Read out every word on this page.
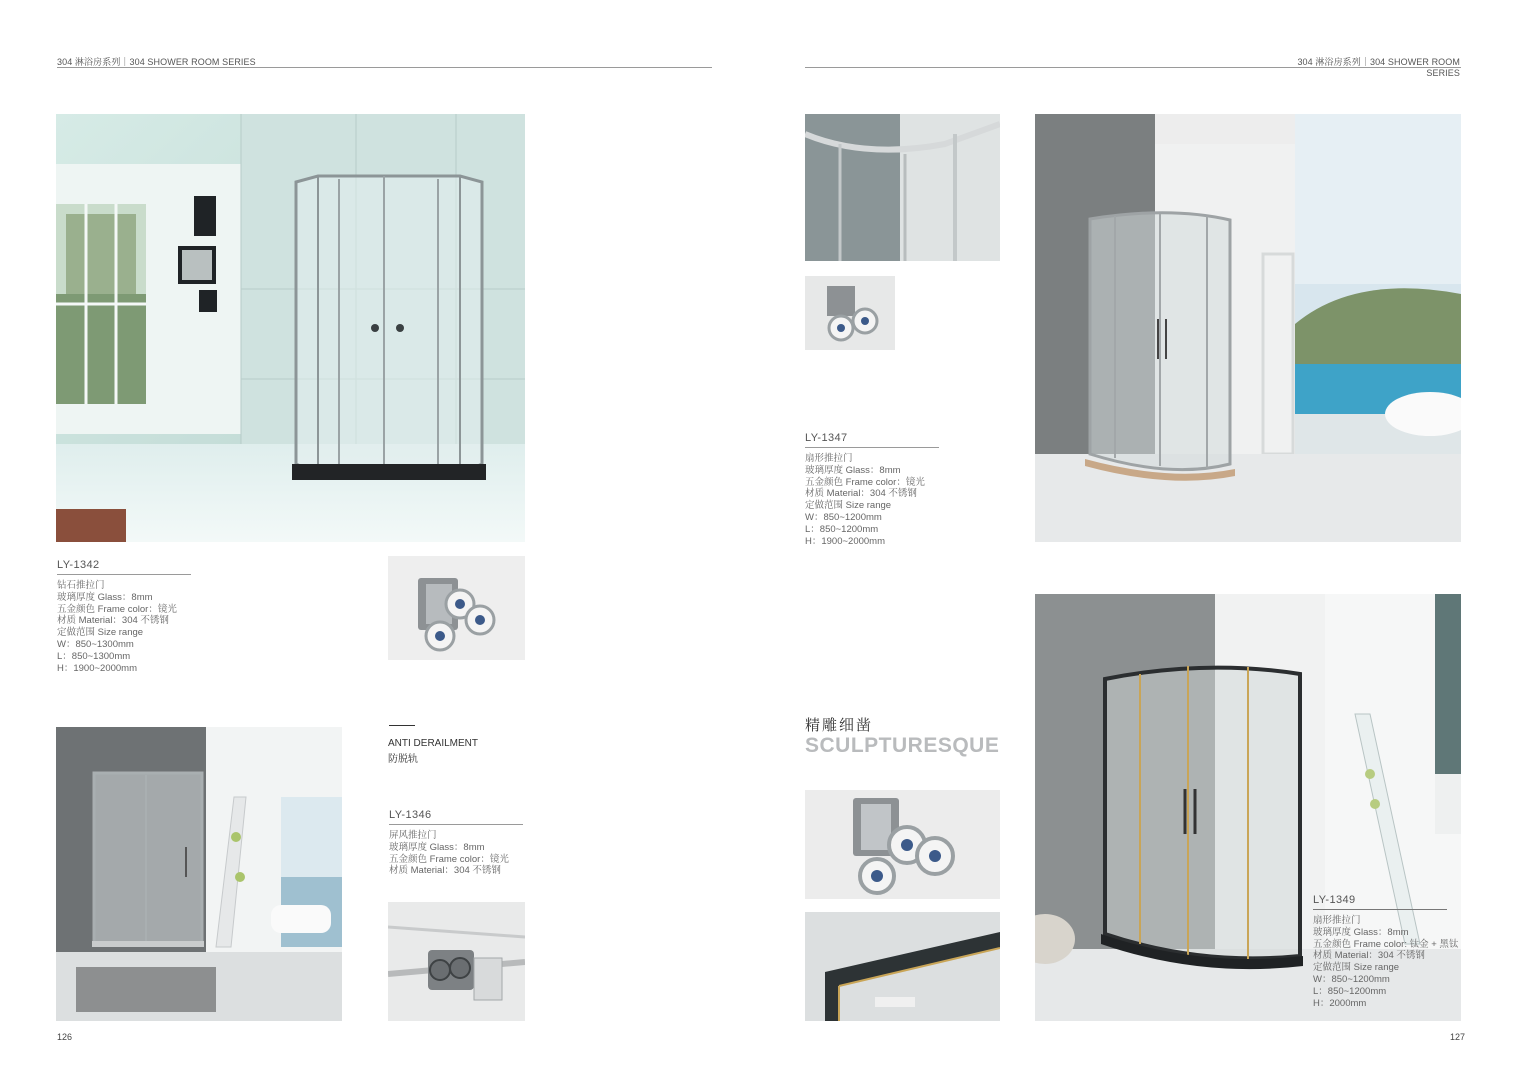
304 淋浴房系列｜304 SHOWER ROOM SERIES
LY-1342
钻石推拉门
玻璃厚度 Glass：8mm
五金颜色 Frame color：镜光
材质 Material：304 不锈钢
定做范围 Size range
W：850~1300mm
L：850~1300mm
H：1900~2000mm
ANTI DERAILMENT
防脱轨
LY-1346
屏风推拉门
玻璃厚度 Glass：8mm
五金颜色 Frame color：镜光
材质 Material：304 不锈钢
126
304 淋浴房系列｜304 SHOWER ROOM SERIES
LY-1347
扇形推拉门
玻璃厚度 Glass：8mm
五金颜色 Frame color：镜光
材质 Material：304 不锈钢
定做范围 Size range
W：850~1200mm
L：850~1200mm
H：1900~2000mm
精雕细凿
SCULPTURESQUE
LY-1349
扇形推拉门
玻璃厚度 Glass：8mm
五金颜色 Frame color: 钛金 + 黑钛
材质 Material：304 不锈钢
定做范围 Size range
W：850~1200mm
L：850~1200mm
H：2000mm
127
